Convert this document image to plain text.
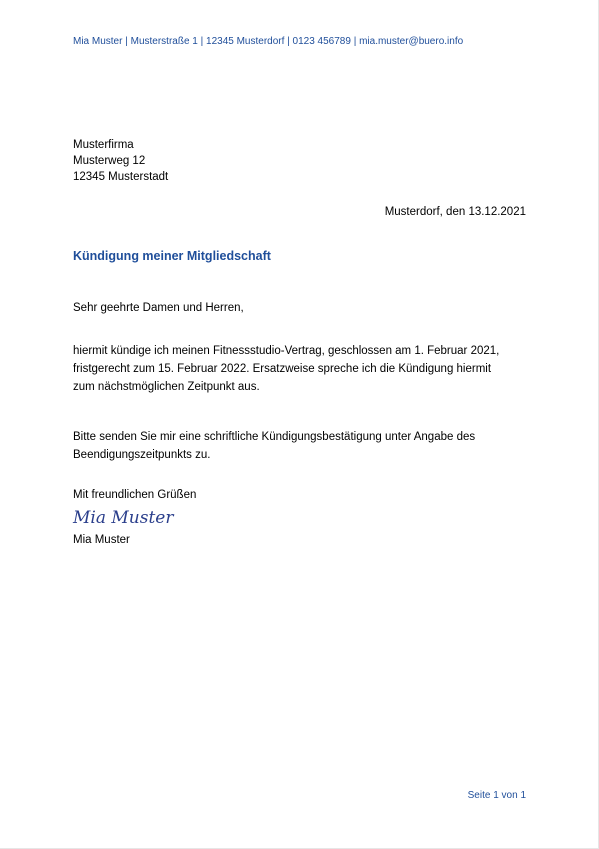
Mia Muster | Musterstraße 1 | 12345 Musterdorf | 0123 456789 | mia.muster@buero.info
Musterfirma
Musterweg 12
12345 Musterstadt
Musterdorf, den 13.12.2021
Kündigung meiner Mitgliedschaft
Sehr geehrte Damen und Herren,
hiermit kündige ich meinen Fitnessstudio-Vertrag, geschlossen am 1. Februar 2021,
fristgerecht zum 15. Februar 2022. Ersatzweise spreche ich die Kündigung hiermit
zum nächstmöglichen Zeitpunkt aus.
Bitte senden Sie mir eine schriftliche Kündigungsbestätigung unter Angabe des
Beendigungszeitpunkts zu.
Mit freundlichen Grüßen
Mia Muster
Mia Muster
Seite 1 von 1
